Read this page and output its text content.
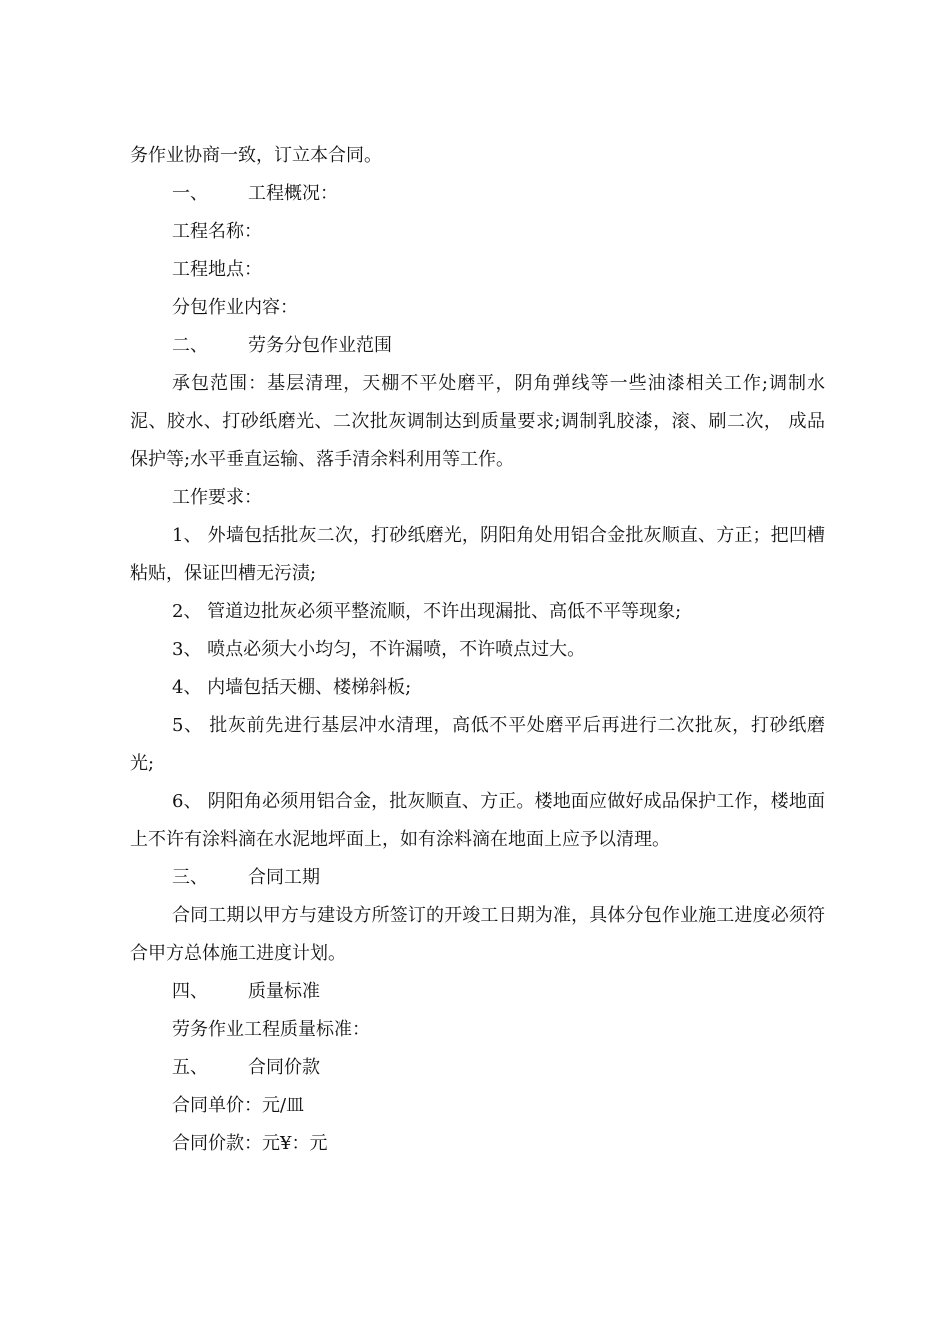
务作业协商一致，订立本合同。

一、 工程概况：

工程名称：

工程地点：

分包作业内容：

二、 劳务分包作业范围

承包范围：基层清理，天棚不平处磨平，阴角弹线等一些油漆相关工作;调制水泥、胶水、打砂纸磨光、二次批灰调制达到质量要求;调制乳胶漆，滚、刷二次， 成品保护等;水平垂直运输、落手清余料利用等工作。

工作要求：

1、 外墙包括批灰二次，打砂纸磨光，阴阳角处用铝合金批灰顺直、方正；把凹槽粘贴，保证凹槽无污渍;

2、 管道边批灰必须平整流顺，不许出现漏批、高低不平等现象;

3、 喷点必须大小均匀，不许漏喷，不许喷点过大。

4、 内墙包括天棚、楼梯斜板;

5、 批灰前先进行基层冲水清理，高低不平处磨平后再进行二次批灰，打砂纸磨光;

6、 阴阳角必须用铝合金，批灰顺直、方正。楼地面应做好成品保护工作，楼地面上不许有涂料滴在水泥地坪面上，如有涂料滴在地面上应予以清理。

三、 合同工期

合同工期以甲方与建设方所签订的开竣工日期为准，具体分包作业施工进度必须符合甲方总体施工进度计划。

四、 质量标准

劳务作业工程质量标准：

五、 合同价款

合同单价：元/皿

合同价款：元¥：元
